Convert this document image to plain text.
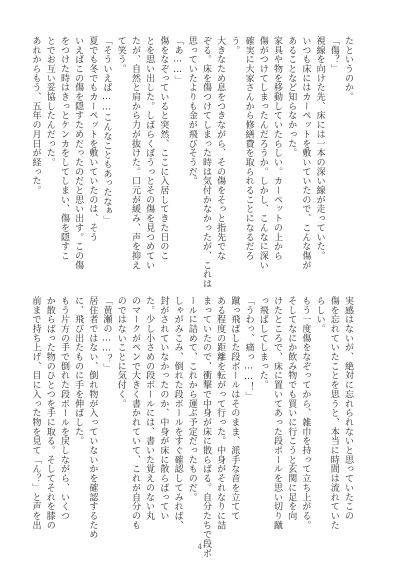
たというのか。

「傷？」

視線を向けた先、床には一本の深い線が走っていた。

いつも床にはカーペットを敷いていたので、こんな傷が

あることなど知らなかった。

家具や物を移動していたらしい。カーペットの上から

傷がつけてしまったんだろうか。しかし、こんなに深い

確実に大家さんから修繕費を取られることになるだろ

う。

大きなため息をつきながら、その傷をそっと指先でな

ぞる。床を傷つけてしまった時は気付かなかったが、これは

思っていたよりも金が飛びそうだ。

「あ……」

傷をなぞっていると突然、ここに入居してきた日のこ

とを思い出した。しばらくぼうっとその傷を見つめてい

たが、自然と肩から力が抜けた。口元が緩み、声を抑え

て笑う。

「そういえば……こんなこともあったなぁ」

夏でも冬でもカーペットを敷いていたのは、そう

いえばこの傷を隠すためだったのだと思い出す。この傷

をつけた時はきっとケンカをしてしまい、傷を隠すこ

とでお互い妥協したんだった。

あれからもう、五年の月日が経った。

実感はないが、絶対に忘れられないと思っていたこの

傷を忘れていたことを思うと、本当に時間は流れていた

らしい。

もう一度傷をなぞってから、雑巾を持って立ち上がる。

そしてなにか飲み物でも買いに行こうと玄関に足を向

けたところで、床に置いてあった段ボールを思い切り蹴

っ飛ばしてしまった。

「うわっ、痛っ……！」

蹴っ飛ばした段ボールはそのまま、派手な音を立てて

ある程度の距離を転がって行った。中身がそれなりに詰

まっていたので、衝撃で中身が床に散らばる。自分たちで段ボ

ールに詰めて、これから運ぶ予定だったものだ。

しゃがみこみ、倒れた段ボールをすぐ確認してみれば、

封がされていなかったのか、中身が床に散らばってい

た。少し小さめの段ボールには、書いた覚えのない丸

のマークがペンで大きく書かれていて、これが自分のも

のではないことに気付く。

「黄瀬の……？」

居住者ではない、倒れ物が入っていないかを確認するため

に、飛び出たものに手を伸ばした。

もう片方の手で倒れた段ボールを戻しながら、いくつ

か散らばった物のひとつを手に取る。そしてそれを膝の

前まで持ち上げ、目に入った物を見て「ん？」と声を出

4
